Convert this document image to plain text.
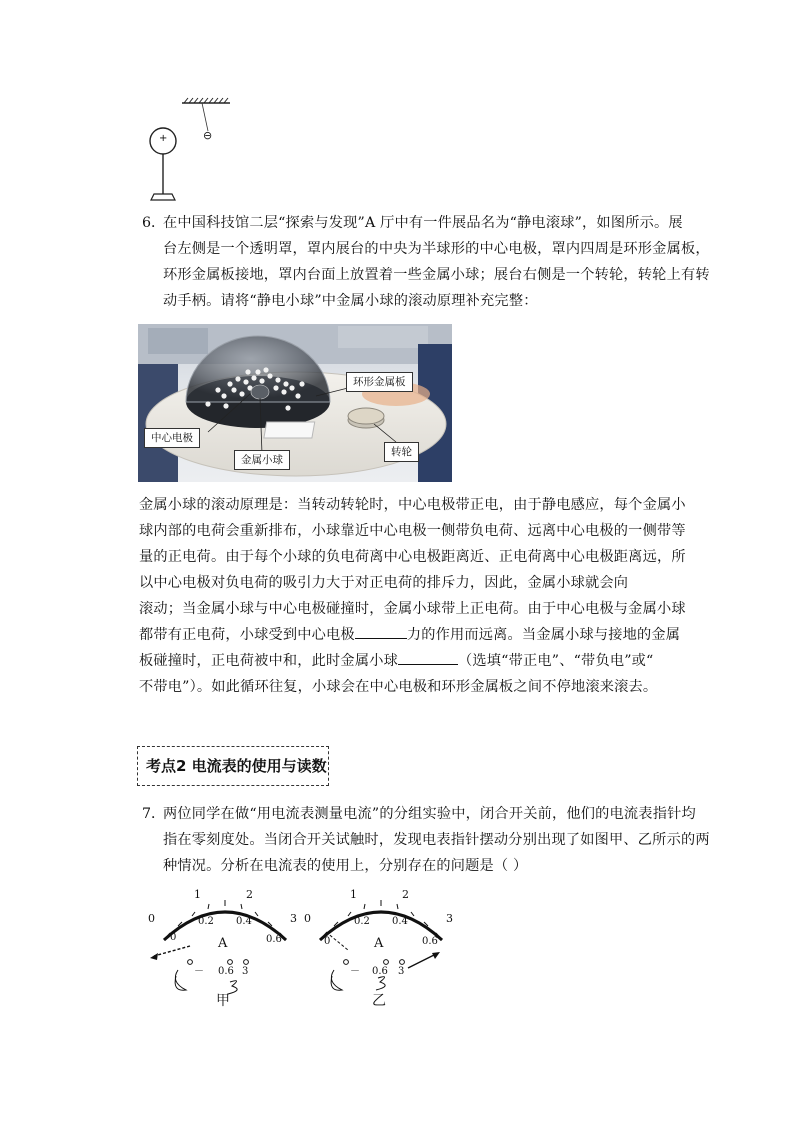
+	⊖
6．
在中国科技馆二层“探索与发现”A 厅中有一件展品名为“静电滚球”，如图所示。展
台左侧是一个透明罩，罩内展台的中央为半球形的中心电极，罩内四周是环形金属板，
环形金属板接地，罩内台面上放置着一些金属小球；展台右侧是一个转轮，转轮上有转
动手柄。请将“静电小球”中金属小球的滚动原理补充完整：
环形金属板
中心电极
金属小球
转轮
金属小球的滚动原理是：当转动转轮时，中心电极带正电，由于静电感应，每个金属小
球内部的电荷会重新排布，小球靠近中心电极一侧带负电荷、远离中心电极的一侧带等
量的正电荷。由于每个小球的负电荷离中心电极距离近、正电荷离中心电极距离远，所
以中心电极对负电荷的吸引力大于对正电荷的排斥力，因此，金属小球就会向
滚动；当金属小球与中心电极碰撞时，金属小球带上正电荷。由于中心电极与金属小球
都带有正电荷，小球受到中心电极	力的作用而远离。当金属小球与接地的金属
板碰撞时，正电荷被中和，此时金属小球	（选填“带正电”、“带负电”或“
不带电”）。如此循环往复，小球会在中心电极和环形金属板之间不停地滚来滚去。
考点2 电流表的使用与读数
7．
两位同学在做“用电流表测量电流”的分组实验中，闭合开关前，他们的电流表指针均
指在零刻度处。当闭合开关试触时，发现电表指针摆动分别出现了如图甲、乙所示的两
种情况。分析在电流表的使用上，分别存在的问题是（ ）
0
1	2
3
0
0.2 0.4
0.6
A
－ 0.6 3
甲
0
1	2
3
0
0.2 0.4
0.6
A
－ 0.6 3
乙
